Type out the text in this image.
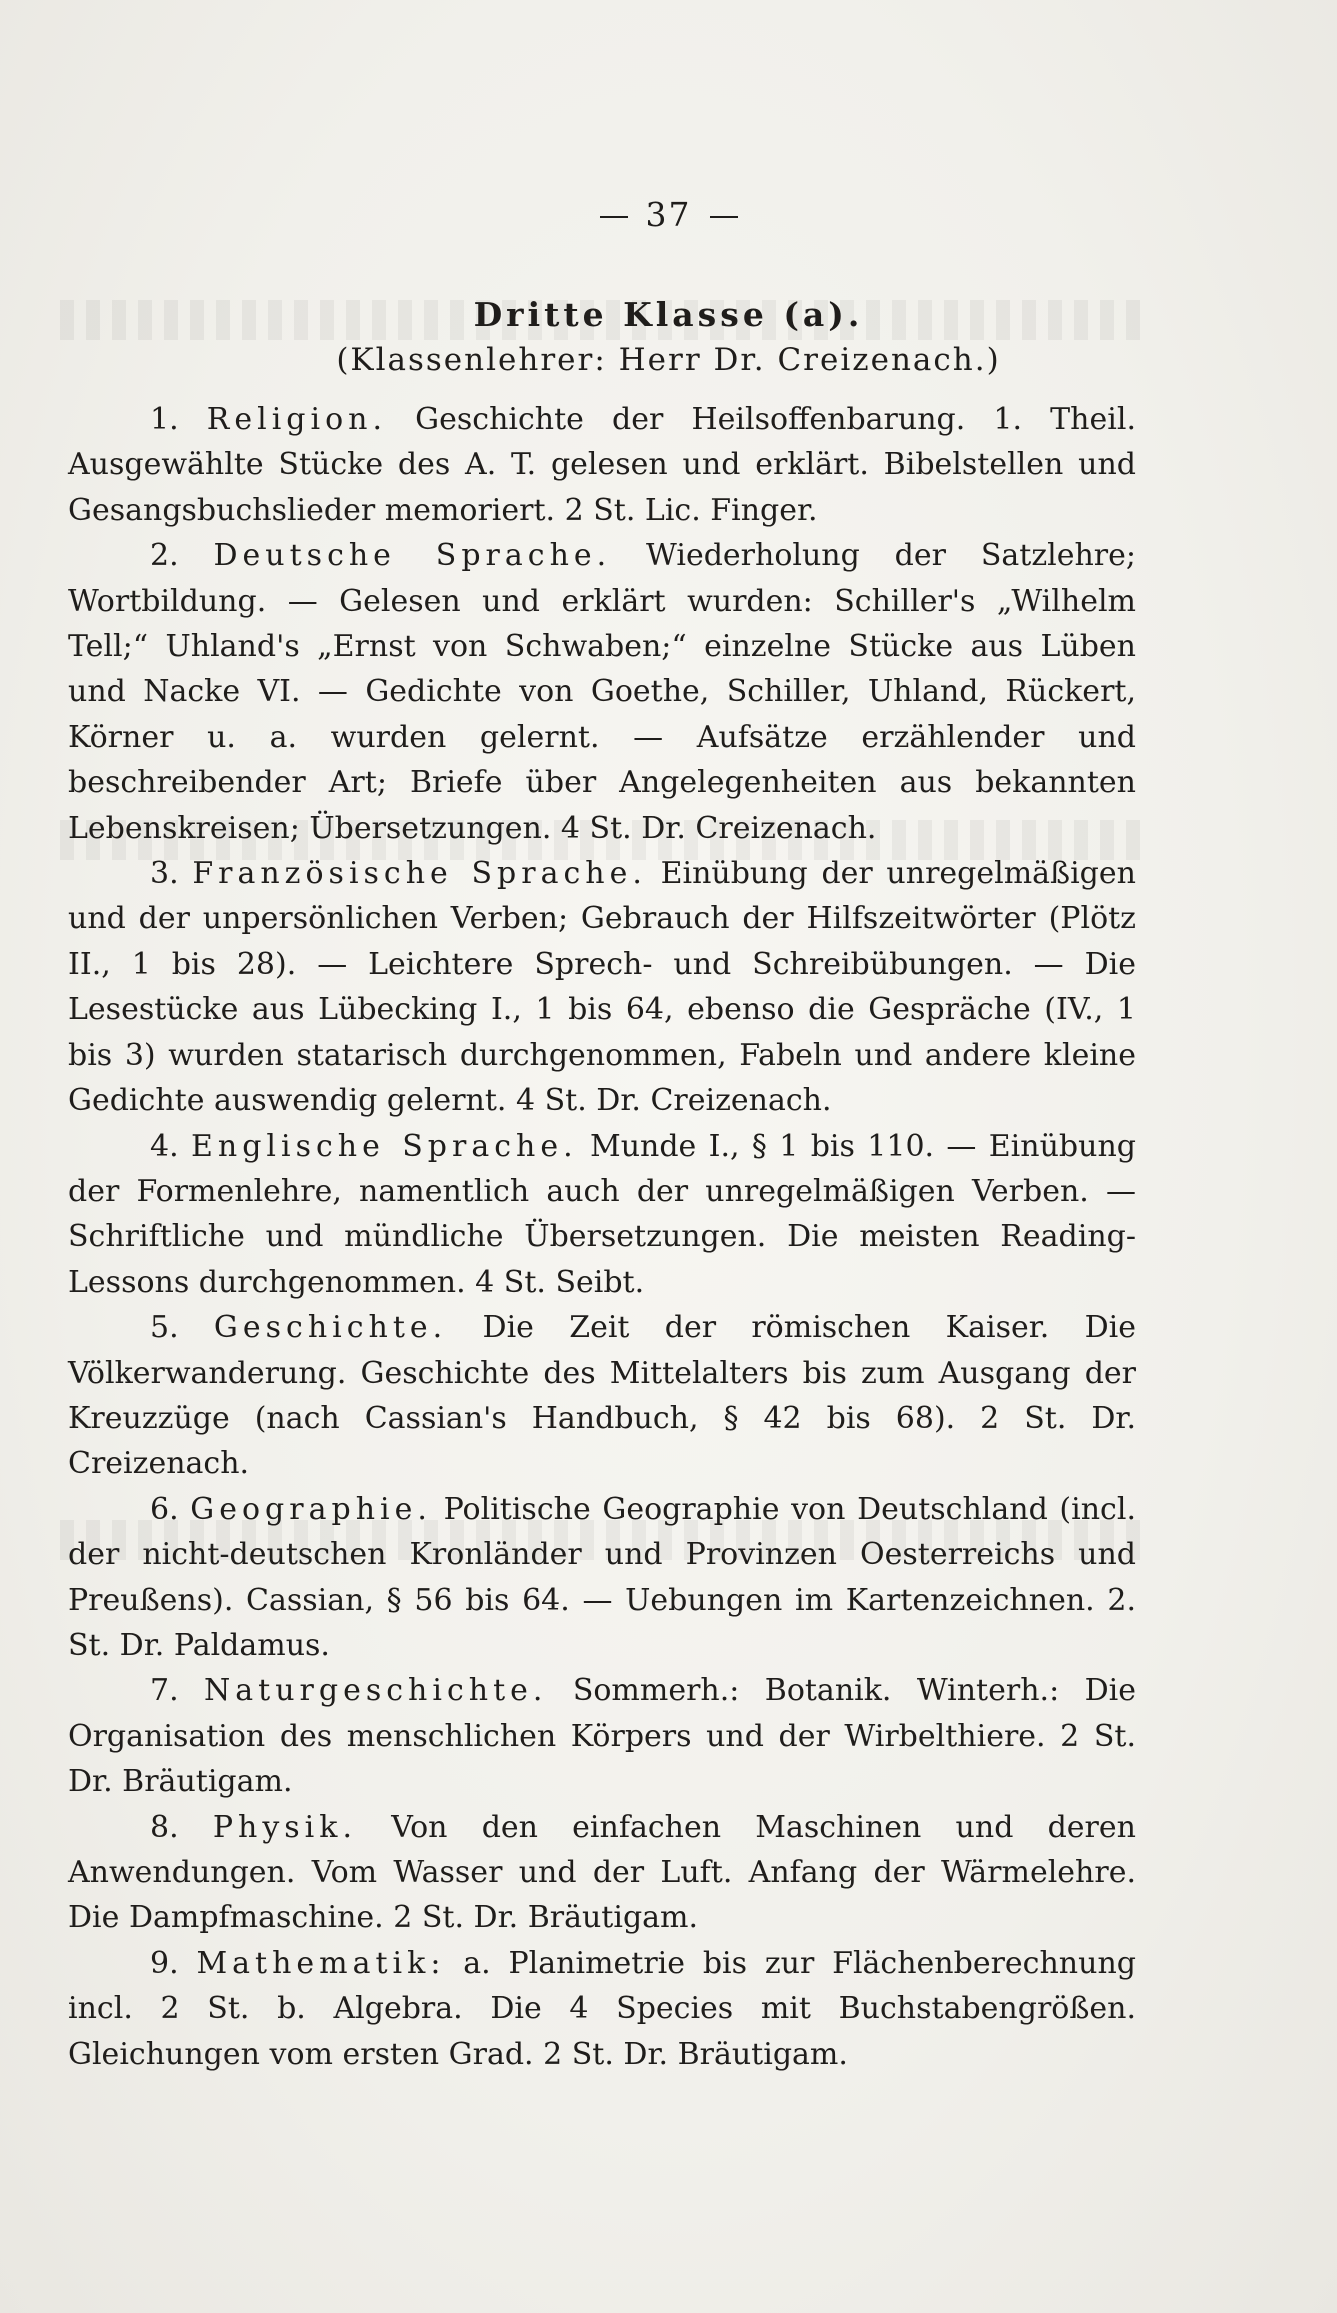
37
Dritte Klasse (a).
(Klassenlehrer: Herr Dr. Creizenach.)

1. Religion. Geschichte der Heilsoffenbarung. 1. Theil. Ausgewählte Stücke des A. T. gelesen und erklärt. Bibelstellen und Gesangsbuchslieder memoriert. 2 St. Lic. Finger.

2. Deutsche Sprache. Wiederholung der Satzlehre; Wortbildung. — Gelesen und erklärt wurden: Schiller's „Wilhelm Tell;“ Uhland's „Ernst von Schwaben;“ einzelne Stücke aus Lüben und Nacke VI. — Gedichte von Goethe, Schiller, Uhland, Rückert, Körner u. a. wurden gelernt. — Aufsätze erzählender und beschreibender Art; Briefe über Angelegenheiten aus bekannten Lebenskreisen; Übersetzungen. 4 St. Dr. Creizenach.

3. Französische Sprache. Einübung der unregelmäßigen und der unpersönlichen Verben; Gebrauch der Hilfszeitwörter (Plötz II., 1 bis 28). — Leichtere Sprech- und Schreibübungen. — Die Lesestücke aus Lübecking I., 1 bis 64, ebenso die Gespräche (IV., 1 bis 3) wurden statarisch durchgenommen, Fabeln und andere kleine Gedichte auswendig gelernt. 4 St. Dr. Creizenach.

4. Englische Sprache. Munde I., § 1 bis 110. — Einübung der Formenlehre, namentlich auch der unregelmäßigen Verben. — Schriftliche und mündliche Übersetzungen. Die meisten Reading-Lessons durchgenommen. 4 St. Seibt.

5. Geschichte. Die Zeit der römischen Kaiser. Die Völkerwanderung. Geschichte des Mittelalters bis zum Ausgang der Kreuzzüge (nach Cassian's Handbuch, § 42 bis 68). 2 St. Dr. Creizenach.

6. Geographie. Politische Geographie von Deutschland (incl. der nicht-deutschen Kronländer und Provinzen Oesterreichs und Preußens). Cassian, § 56 bis 64. — Uebungen im Kartenzeichnen. 2. St. Dr. Paldamus.

7. Naturgeschichte. Sommerh.: Botanik. Winterh.: Die Organisation des menschlichen Körpers und der Wirbelthiere. 2 St. Dr. Bräutigam.

8. Physik. Von den einfachen Maschinen und deren Anwendungen. Vom Wasser und der Luft. Anfang der Wärmelehre. Die Dampfmaschine. 2 St. Dr. Bräutigam.

9. Mathematik: a. Planimetrie bis zur Flächenberechnung incl. 2 St. b. Algebra. Die 4 Species mit Buchstabengrößen. Gleichungen vom ersten Grad. 2 St. Dr. Bräutigam.
